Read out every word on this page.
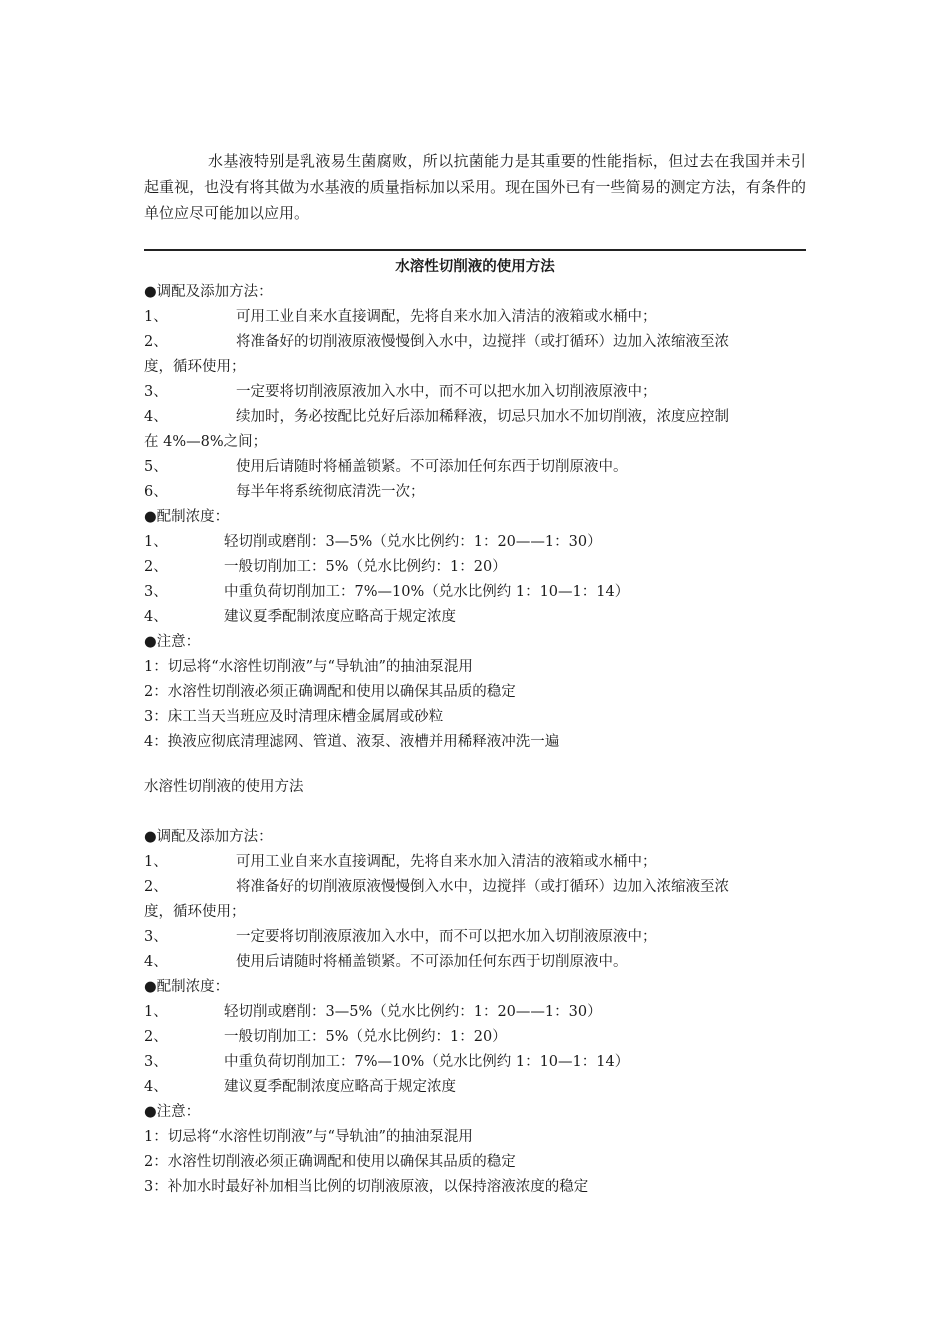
水基液特别是乳液易生菌腐败，所以抗菌能力是其重要的性能指标，但过去在我国并未引起重视，也没有将其做为水基液的质量指标加以采用。现在国外已有一些简易的测定方法，有条件的单位应尽可能加以应用。

水溶性切削液的使用方法
●调配及添加方法：
1、	可用工业自来水直接调配，先将自来水加入清洁的液箱或水桶中；
2、	将准备好的切削液原液慢慢倒入水中，边搅拌（或打循环）边加入浓缩液至浓
度，循环使用；
3、	一定要将切削液原液加入水中，而不可以把水加入切削液原液中；
4、	续加时，务必按配比兑好后添加稀释液，切忌只加水不加切削液，浓度应控制
在 4%—8%之间；
5、	使用后请随时将桶盖锁紧。不可添加任何东西于切削原液中。
6、	每半年将系统彻底清洗一次；
●配制浓度：
1、	轻切削或磨削：3—5%（兑水比例约：1：20——1：30）
2、	一般切削加工：5%（兑水比例约：1：20）
3、	中重负荷切削加工：7%—10%（兑水比例约 1：10—1：14）
4、	建议夏季配制浓度应略高于规定浓度
●注意：
1：切忌将“水溶性切削液”与“导轨油”的抽油泵混用
2：水溶性切削液必须正确调配和使用以确保其品质的稳定
3：床工当天当班应及时清理床槽金属屑或砂粒
4：换液应彻底清理滤网、管道、液泵、液槽并用稀释液冲洗一遍
水溶性切削液的使用方法
●调配及添加方法：
1、	可用工业自来水直接调配，先将自来水加入清洁的液箱或水桶中；
2、	将准备好的切削液原液慢慢倒入水中，边搅拌（或打循环）边加入浓缩液至浓
度，循环使用；
3、	一定要将切削液原液加入水中，而不可以把水加入切削液原液中；
4、	使用后请随时将桶盖锁紧。不可添加任何东西于切削原液中。
●配制浓度：
1、	轻切削或磨削：3—5%（兑水比例约：1：20——1：30）
2、	一般切削加工：5%（兑水比例约：1：20）
3、	中重负荷切削加工：7%—10%（兑水比例约 1：10—1：14）
4、	建议夏季配制浓度应略高于规定浓度
●注意：
1：切忌将“水溶性切削液”与“导轨油”的抽油泵混用
2：水溶性切削液必须正确调配和使用以确保其品质的稳定
3：补加水时最好补加相当比例的切削液原液，以保持溶液浓度的稳定
